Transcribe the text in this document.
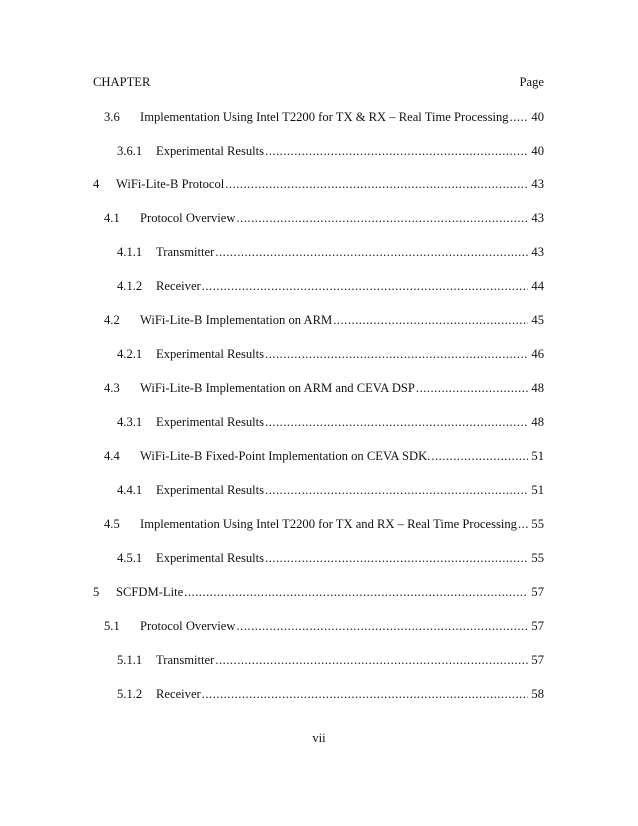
CHAPTER	Page
3.6	Implementation Using Intel T2200 for TX & RX – Real Time Processing ..... 40
3.6.1	Experimental Results .....	40
4	WiFi-Lite-B Protocol .....	43
4.1	Protocol Overview .....	43
4.1.1	Transmitter .....	43
4.1.2	Receiver .....	44
4.2	WiFi-Lite-B Implementation on ARM .....	45
4.2.1	Experimental Results .....	46
4.3	WiFi-Lite-B Implementation on ARM and CEVA DSP .....	48
4.3.1	Experimental Results .....	48
4.4	WiFi-Lite-B Fixed-Point Implementation on CEVA SDK. .....	51
4.4.1	Experimental Results .....	51
4.5	Implementation Using Intel T2200 for TX and RX – Real Time Processing ..... 55
4.5.1	Experimental Results .....	55
5	SCFDM-Lite .....	57
5.1	Protocol Overview .....	57
5.1.1	Transmitter .....	57
5.1.2	Receiver .....	58
vii
